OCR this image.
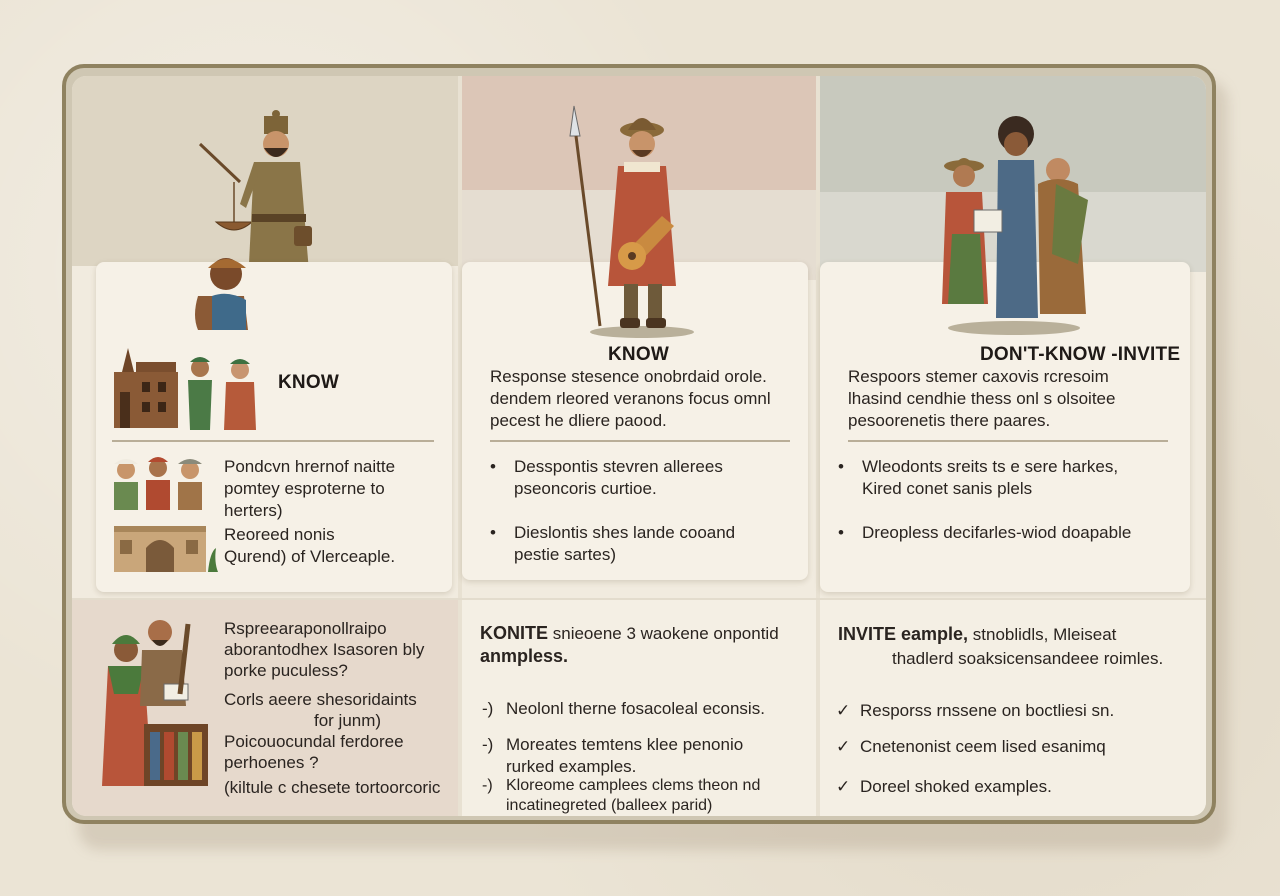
KNOW
Pondcvn hrernof naitte
pomtey esproterne to
herters)
Reoreed nonis
Qurend) of Vlerceaple.
KNOW
Response stesence onobrdaid orole.
dendem rleored veranons focus omnl
pecest he dliere paood.
• Desspontis stevren allerees
pseoncoris curtioe.
• Dieslontis shes lande cooand
pestie sartes)
DON'T-KNOW -INVITE
Respoors stemer caxovis rcresoim
lhasind cendhie thess onl s olsoitee
pesoorenetis there paares.
• Wleodonts sreits ts e sere harkes,
Kired conet sanis plels
• Dreopless decifarles-wiod doapable
Rspreearaponollraipo
aborantodhex Isasoren bly
porke puculess?
Corls aeere shesoridaints
for junm)
Poicouocundal ferdoree
perhoenes ?
(kiltule c chesete tortoorcoric
KONITE snieoene 3 waokene onpontid
anmpless.
-) Neolonl therne fosacoleal econsis.
-) Moreates temtens klee penonio
rurked examples.
-) Kloreome camplees clems theon nd
incatinegreted (balleex parid)
INVITE eample, stnoblidls, Mleiseat
thadlerd soaksicensandeee roimles.
✓ Resporss rnssene on boctliesi sn.
✓ Cnetenonist ceem lised esanimq
✓ Doreel shoked examples.
